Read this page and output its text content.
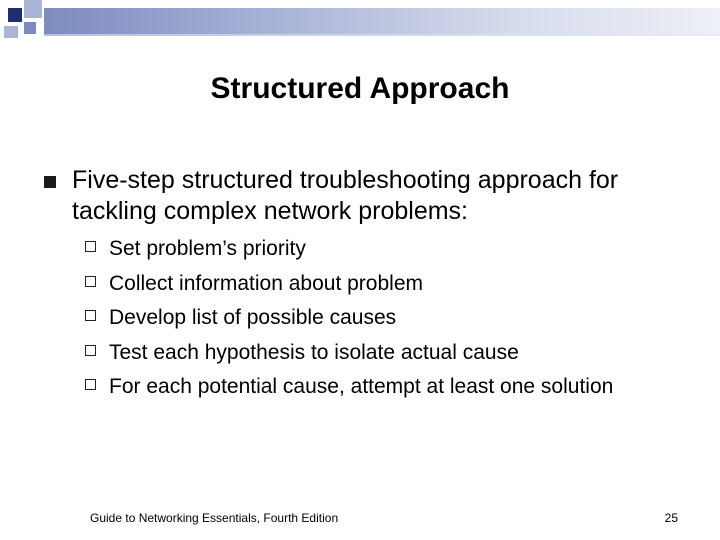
Structured Approach
Five-step structured troubleshooting approach for tackling complex network problems:
Set problem’s priority
Collect information about problem
Develop list of possible causes
Test each hypothesis to isolate actual cause
For each potential cause, attempt at least one solution
Guide to Networking Essentials, Fourth Edition	25
